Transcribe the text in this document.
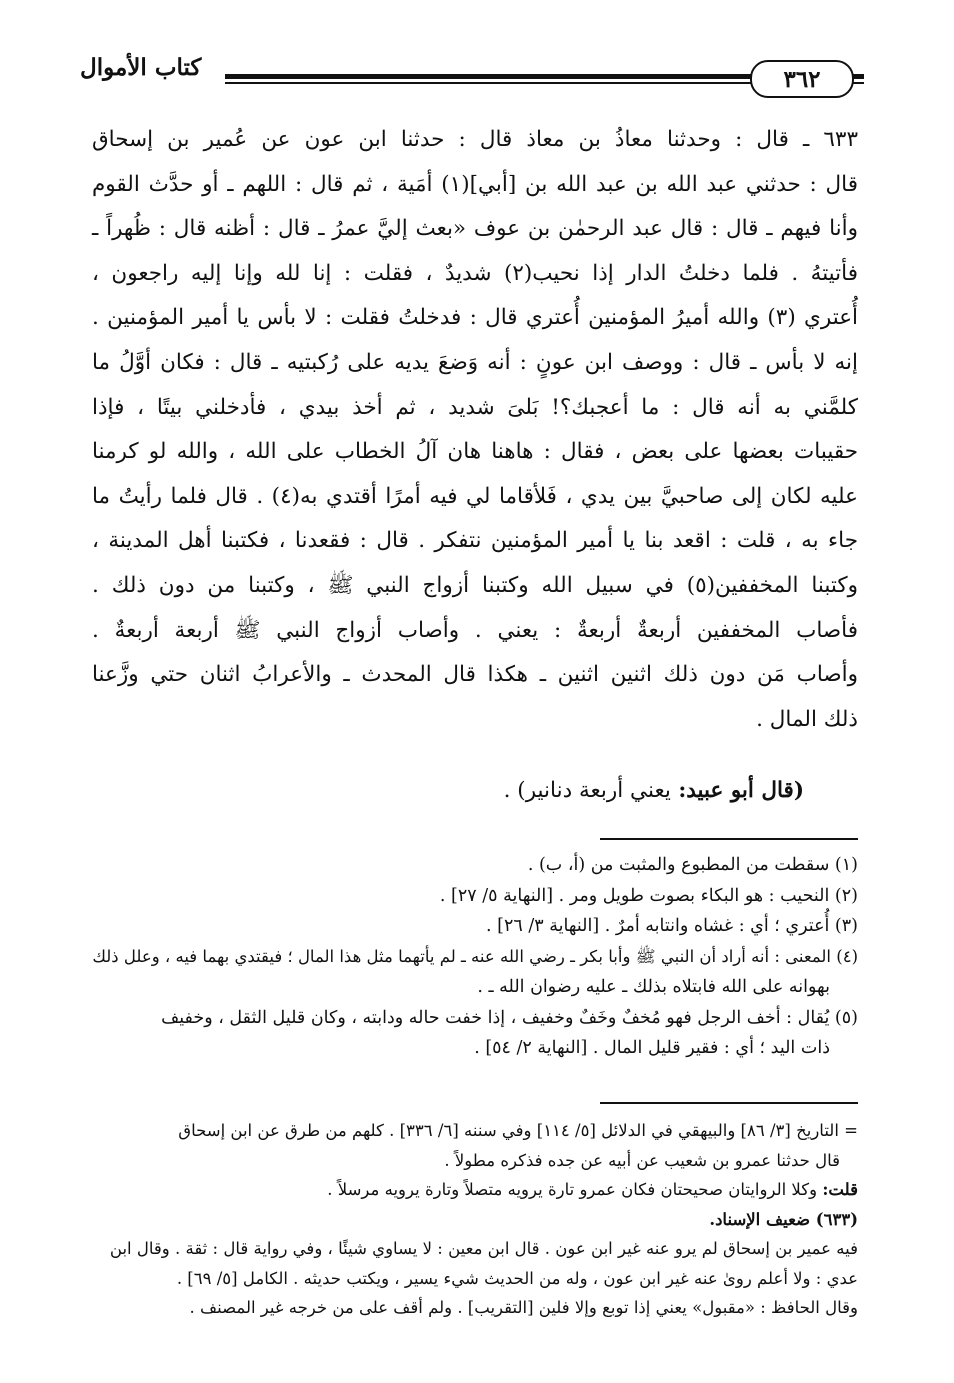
كتاب الأموال	٣٦٢
٦٣٣ ـ قال : وحدثنا معاذُ بن معاذ قال : حدثنا ابن عون عن عُمير بن إسحاق
قال : حدثني عبد الله بن عبد الله بن [أبي](١) أمَية ، ثم قال : اللهم ـ أو حدَّث القوم
وأنا فيهم ـ قال : قال عبد الرحمٰن بن عوف «بعث إليَّ عمرُ ـ قال : أظنه قال : ظُهراً ـ
فأتيتهُ . فلما دخلتُ الدار إذا نحيب(٢) شديدٌ ، فقلت : إنا لله وإنا إليه راجعون ،
أُعتري (٣) والله أميرُ المؤمنين أُعتري قال : فدخلتُ فقلت : لا بأس يا أمير المؤمنين .
إنه لا بأس ـ قال : ووصف ابن عونٍ : أنه وَضعَ يديه على رُكبتيه ـ قال : فكان أوَّلُ ما
كلمَّني به أنه قال : ما أعجبك؟! بَلىَ شديد ، ثم أخذ بيدي ، فأدخلني بيتًا ، فإذا
حقيبات بعضها على بعض ، فقال : هاهنا هان آلُ الخطاب على الله ، والله لو كرمنا
عليه لكان إلى صاحبيَّ بين يدي ، فَلأقاما لي فيه أمرًا أقتدي به(٤) . قال فلما رأيتُ ما
جاء به ، قلت : اقعد بنا يا أمير المؤمنين نتفكر . قال : فقعدنا ، فكتبنا أهل المدينة ،
وكتبنا المخففين(٥) في سبيل الله وكتبنا أزواج النبي ﷺ ، وكتبنا من دون ذلك .
فأصاب المخففين أربعةٌ أربعةٌ : يعني . وأصاب أزواج النبي ﷺ أربعة أربعةٌ .
وأصاب مَن دون ذلك اثنين اثنين ـ هكذا قال المحدث ـ والأعرابُ اثنان حتي وزَّعنا
ذلك المال .
(قال أبو عبيد: يعني أربعة دنانير) .
(١) سقطت من المطبوع والمثبت من (أ، ب) .
(٢) النحيب : هو البكاء بصوت طويل ومر . [النهاية ٥/ ٢٧] .
(٣) أُعتري ؛ أي : غشاه وانتابه أمرٌ . [النهاية ٣/ ٢٦] .
(٤) المعنى : أنه أراد أن النبي ﷺ وأبا بكر ـ رضي الله عنه ـ لم يأتهما مثل هذا المال ؛ فيقتدي بهما فيه ، وعلل ذلك
بهوانه على الله فابتلاه بذلك ـ عليه رضوان الله ـ .
(٥) يُقال : أخف الرجل فهو مُخفٌ وخَفٌ وخفيف ، إذا خفت حاله ودابته ، وكان قليل الثقل ، وخفيف
ذات اليد ؛ أي : فقير قليل المال . [النهاية ٢/ ٥٤] .
= التاريخ [٣/ ٨٦] والبيهقي في الدلائل [٥/ ١١٤] وفي سننه [٦/ ٣٣٦] . كلهم من طرق عن ابن إسحاق
قال حدثنا عمرو بن شعيب عن أبيه عن جده فذكره مطولاً .
قلت: وكلا الروايتان صحيحتان فكان عمرو تارة يرويه متصلاً وتارة يرويه مرسلاً .
(٦٣٣) ضعيف الإسناد.
فيه عمير بن إسحاق لم يرو عنه غير ابن عون . قال ابن معين : لا يساوي شيئًا ، وفي رواية قال : ثقة . وقال ابن
عدي : ولا أعلم روىٰ عنه غير ابن عون ، وله من الحديث شيء يسير ، ويكتب حديثه . الكامل [٥/ ٦٩] .
وقال الحافظ : «مقبول» يعني إذا توبع وإلا فلين [التقريب] . ولم أقف على من خرجه غير المصنف .
